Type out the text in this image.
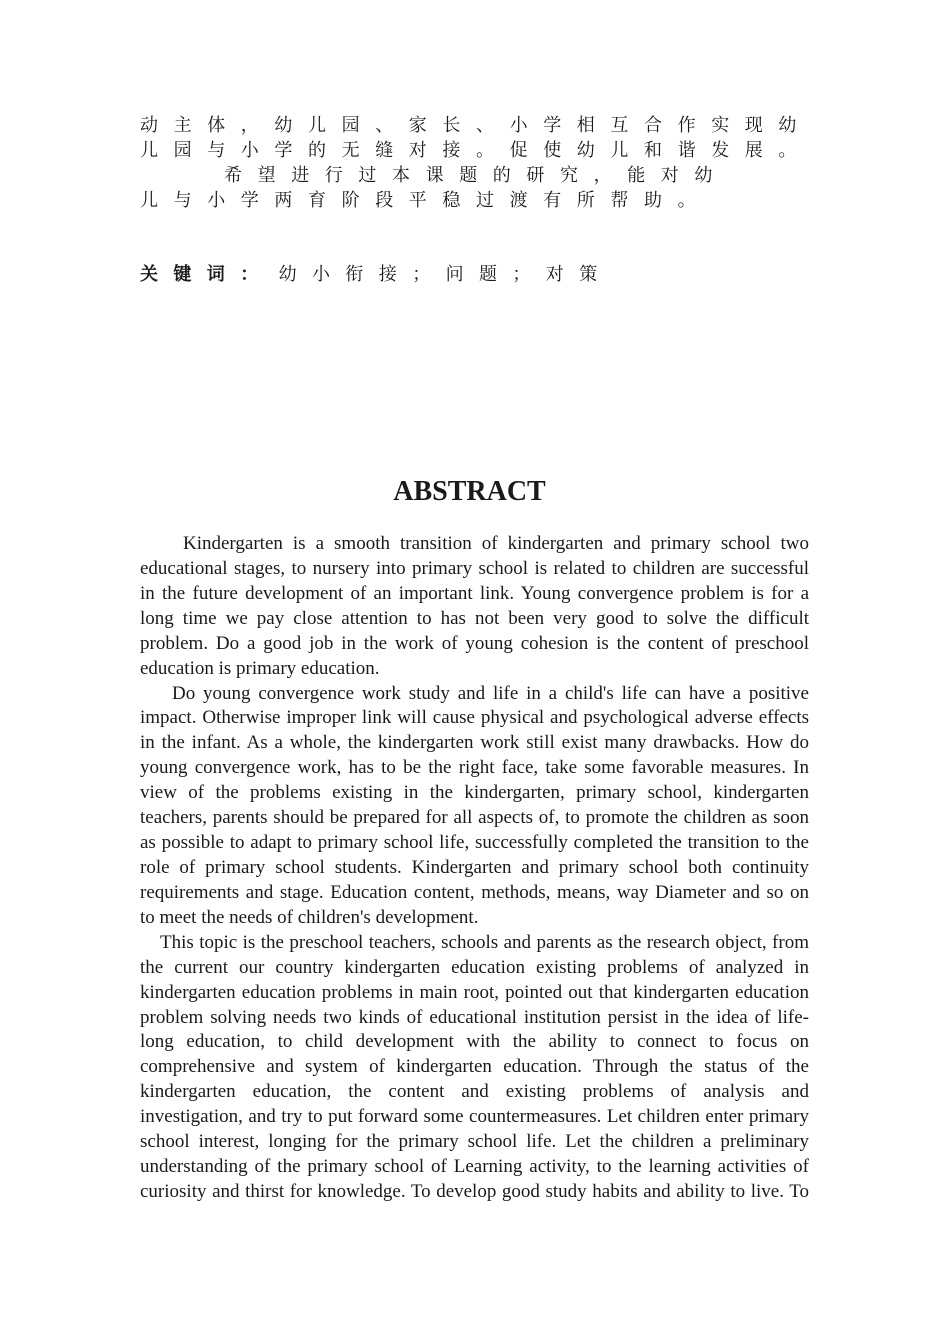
动主体，幼儿园、家长、小学相互合作实现幼
儿园与小学的无缝对接。促使幼儿和谐发展。
希望进行过本课题的研究，能对幼
儿与小学两育阶段平稳过渡有所帮助。
关键词： 幼小衔接；问题；对策
ABSTRACT
Kindergarten is a smooth transition of kindergarten and primary school two
educational stages, to nursery into primary school is related to children are successful
in the future development of an important link. Young convergence problem is for a
long time we pay close attention to has not been very good to solve the difficult
problem. Do a good job in the work of young cohesion is the content of preschool
education is primary education.
Do young convergence work study and life in a child's life can have a positive
impact. Otherwise improper link will cause physical and psychological adverse effects
in the infant. As a whole, the kindergarten work still exist many drawbacks. How do
young convergence work, has to be the right face, take some favorable measures. In
view of the problems existing in the kindergarten, primary school, kindergarten
teachers, parents should be prepared for all aspects of, to promote the children as soon
as possible to adapt to primary school life, successfully completed the transition to the
role of primary school students. Kindergarten and primary school both continuity
requirements and stage. Education content, methods, means, way Diameter and so on
to meet the needs of children's development.
This topic is the preschool teachers, schools and parents as the research object, from
the current our country kindergarten education existing problems of analyzed in
kindergarten education problems in main root, pointed out that kindergarten education
problem solving needs two kinds of educational institution persist in the idea of life-
long education, to child development with the ability to connect to focus on
comprehensive and system of kindergarten education. Through the status of the
kindergarten education, the content and existing problems of analysis and
investigation, and try to put forward some countermeasures. Let children enter primary
school interest, longing for the primary school life. Let the children a preliminary
understanding of the primary school of Learning activity, to the learning activities of
curiosity and thirst for knowledge. To develop good study habits and ability to live. To
